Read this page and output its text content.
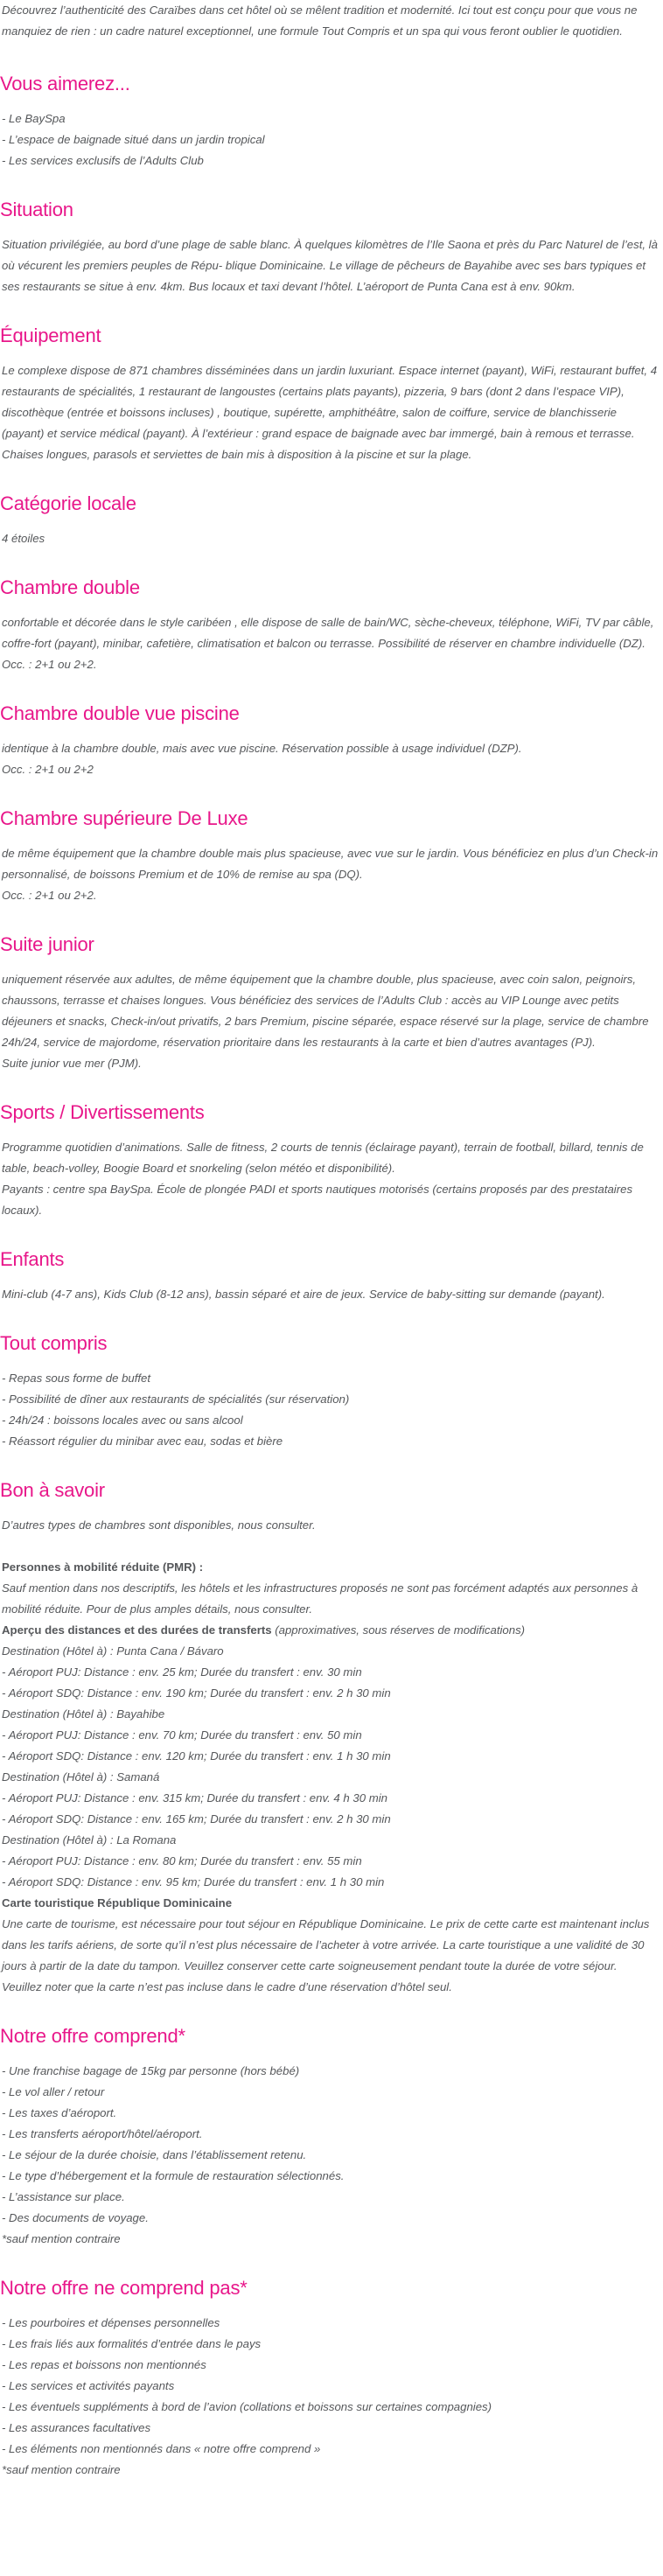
Découvrez l’authenticité des Caraïbes dans cet hôtel où se mêlent tradition et modernité. Ici tout est conçu pour que vous ne manquiez de rien : un cadre naturel exceptionnel, une formule Tout Compris et un spa qui vous feront oublier le quotidien.

Vous aimerez...

- Le BaySpa
- L’espace de baignade situé dans un jardin tropical
- Les services exclusifs de l’Adults Club

Situation

Situation privilégiée, au bord d’une plage de sable blanc. À quelques kilomètres de l’Ile Saona et près du Parc Naturel de l’est, là où vécurent les premiers peuples de Répu- blique Dominicaine. Le village de pêcheurs de Bayahibe avec ses bars typiques et ses restaurants se situe à env. 4km. Bus locaux et taxi devant l’hôtel. L’aéroport de Punta Cana est à env. 90km.

Équipement

Le complexe dispose de 871 chambres disséminées dans un jardin luxuriant. Espace internet (payant), WiFi, restaurant buffet, 4 restaurants de spécialités, 1 restaurant de langoustes (certains plats payants), pizzeria, 9 bars (dont 2 dans l’espace VIP), discothèque (entrée et boissons incluses) , boutique, supérette, amphithéâtre, salon de coiffure, service de blanchisserie (payant) et service médical (payant). À l’extérieur : grand espace de baignade avec bar immergé, bain à remous et terrasse. Chaises longues, parasols et serviettes de bain mis à disposition à la piscine et sur la plage.

Catégorie locale

4 étoiles

Chambre double

confortable et décorée dans le style caribéen , elle dispose de salle de bain/WC, sèche-cheveux, téléphone, WiFi, TV par câble, coffre-fort (payant), minibar, cafetière, climatisation et balcon ou terrasse. Possibilité de réserver en chambre individuelle (DZ).

Occ. : 2+1 ou 2+2.

Chambre double vue piscine

identique à la chambre double, mais avec vue piscine. Réservation possible à usage individuel (DZP).

Occ. : 2+1 ou 2+2

Chambre supérieure De Luxe

de même équipement que la chambre double mais plus spacieuse, avec vue sur le jardin. Vous bénéficiez en plus d’un Check-in personnalisé, de boissons Premium et de 10% de remise au spa (DQ).

Occ. : 2+1 ou 2+2.

Suite junior

uniquement réservée aux adultes, de même équipement que la chambre double, plus spacieuse, avec coin salon, peignoirs, chaussons, terrasse et chaises longues. Vous bénéficiez des services de l’Adults Club : accès au VIP Lounge avec petits déjeuners et snacks, Check-in/out privatifs, 2 bars Premium, piscine séparée, espace réservé sur la plage, service de chambre 24h/24, service de majordome, réservation prioritaire dans les restaurants à la carte et bien d’autres avantages (PJ).

Suite junior vue mer (PJM).

Sports / Divertissements

Programme quotidien d’animations. Salle de fitness, 2 courts de tennis (éclairage payant), terrain de football, billard, tennis de table, beach-volley, Boogie Board et snorkeling (selon météo et disponibilité).

Payants : centre spa BaySpa. École de plongée PADI et sports nautiques motorisés (certains proposés par des prestataires locaux).

Enfants

Mini-club (4-7 ans), Kids Club (8-12 ans), bassin séparé et aire de jeux. Service de baby-sitting sur demande (payant).

Tout compris

- Repas sous forme de buffet
- Possibilité de dîner aux restaurants de spécialités (sur réservation)
- 24h/24 : boissons locales avec ou sans alcool
- Réassort régulier du minibar avec eau, sodas et bière

Bon à savoir

D’autres types de chambres sont disponibles, nous consulter.

Personnes à mobilité réduite (PMR) :
Sauf mention dans nos descriptifs, les hôtels et les infrastructures proposés ne sont pas forcément adaptés aux personnes à mobilité réduite. Pour de plus amples détails, nous consulter.
Aperçu des distances et des durées de transferts (approximatives, sous réserves de modifications)
Destination (Hôtel à) : Punta Cana / Bávaro
- Aéroport PUJ: Distance : env. 25 km; Durée du transfert : env. 30 min
- Aéroport SDQ: Distance : env. 190 km; Durée du transfert : env. 2 h 30 min
Destination (Hôtel à) : Bayahibe
- Aéroport PUJ: Distance : env. 70 km; Durée du transfert : env. 50 min
- Aéroport SDQ: Distance : env. 120 km; Durée du transfert : env. 1 h 30 min
Destination (Hôtel à) : Samaná
- Aéroport PUJ: Distance : env. 315 km; Durée du transfert : env. 4 h 30 min
- Aéroport SDQ: Distance : env. 165 km; Durée du transfert : env. 2 h 30 min
Destination (Hôtel à) : La Romana
- Aéroport PUJ: Distance : env. 80 km; Durée du transfert : env. 55 min
- Aéroport SDQ: Distance : env. 95 km; Durée du transfert : env. 1 h 30 min
Carte touristique République Dominicaine
Une carte de tourisme, est nécessaire pour tout séjour en République Dominicaine. Le prix de cette carte est maintenant inclus dans les tarifs aériens, de sorte qu’il n’est plus nécessaire de l’acheter à votre arrivée. La carte touristique a une validité de 30 jours à partir de la date du tampon. Veuillez conserver cette carte soigneusement pendant toute la durée de votre séjour.
Veuillez noter que la carte n’est pas incluse dans le cadre d’une réservation d’hôtel seul.

Notre offre comprend*

- Une franchise bagage de 15kg par personne (hors bébé)
- Le vol aller / retour
- Les taxes d’aéroport.
- Les transferts aéroport/hôtel/aéroport.
- Le séjour de la durée choisie, dans l’établissement retenu.
- Le type d’hébergement et la formule de restauration sélectionnés.
- L’assistance sur place.
- Des documents de voyage.
*sauf mention contraire

Notre offre ne comprend pas*

- Les pourboires et dépenses personnelles
- Les frais liés aux formalités d’entrée dans le pays
- Les repas et boissons non mentionnés
- Les services et activités payants
- Les éventuels suppléments à bord de l’avion (collations et boissons sur certaines compagnies)
- Les assurances facultatives
- Les éléments non mentionnés dans « notre offre comprend »
*sauf mention contraire
